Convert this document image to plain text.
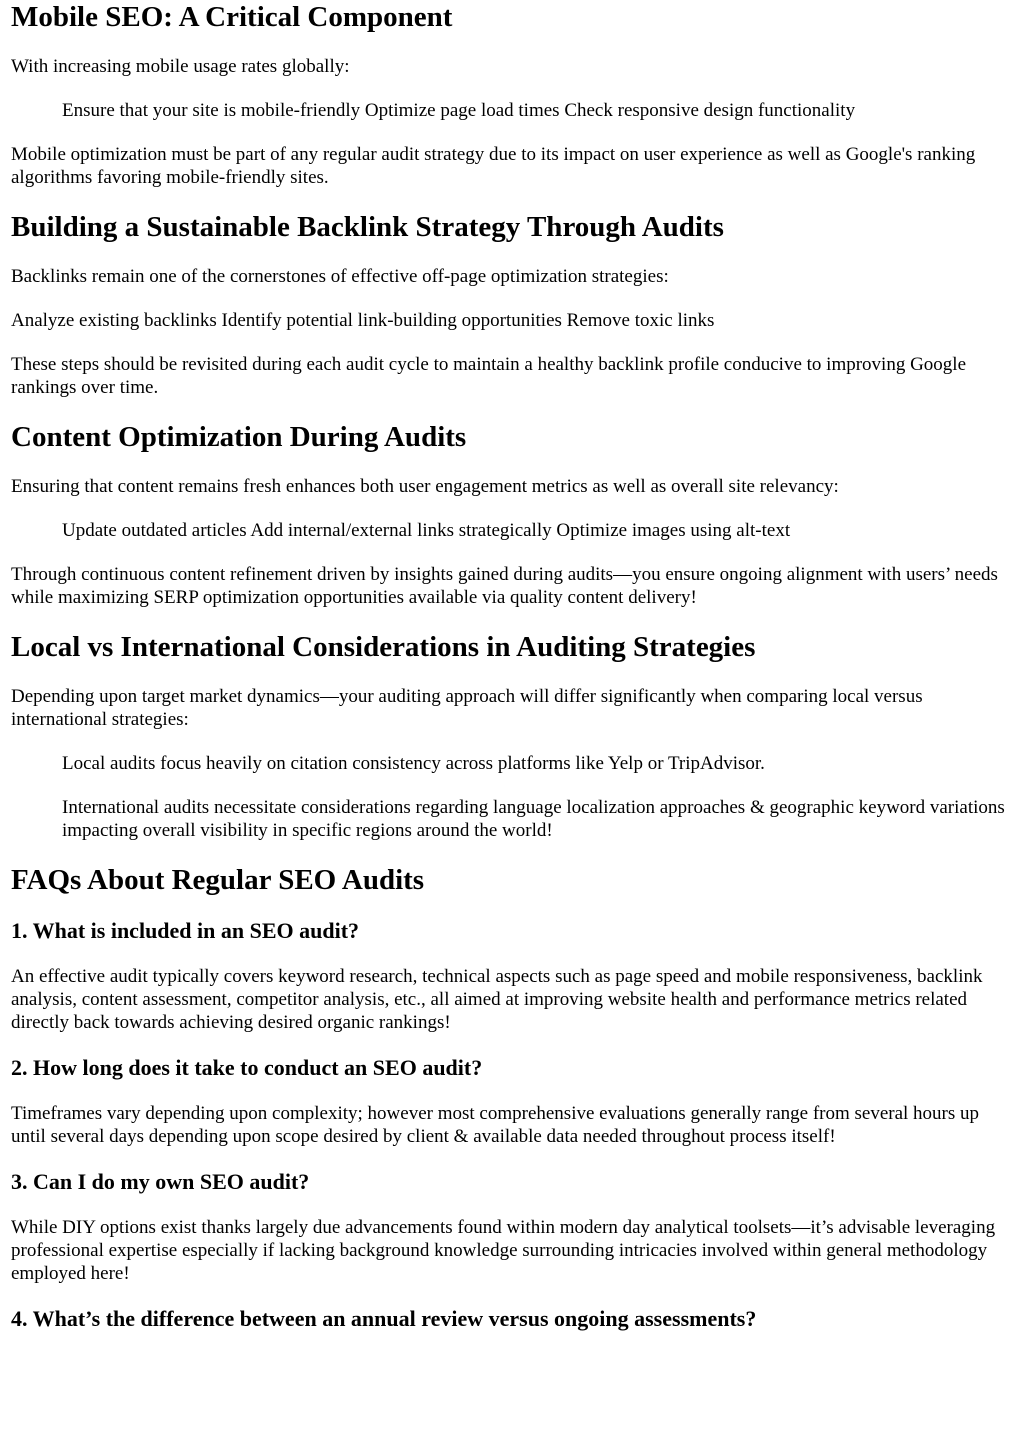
Mobile SEO: A Critical Component

With increasing mobile usage rates globally:

Ensure that your site is mobile-friendly Optimize page load times Check responsive design functionality

Mobile optimization must be part of any regular audit strategy due to its impact on user experience as well as Google's ranking algorithms favoring mobile-friendly sites.

Building a Sustainable Backlink Strategy Through Audits

Backlinks remain one of the cornerstones of effective off-page optimization strategies:

Analyze existing backlinks Identify potential link-building opportunities Remove toxic links

These steps should be revisited during each audit cycle to maintain a healthy backlink profile conducive to improving Google rankings over time.

Content Optimization During Audits

Ensuring that content remains fresh enhances both user engagement metrics as well as overall site relevancy:

Update outdated articles Add internal/external links strategically Optimize images using alt-text

Through continuous content refinement driven by insights gained during audits—you ensure ongoing alignment with users’ needs while maximizing SERP optimization opportunities available via quality content delivery!

Local vs International Considerations in Auditing Strategies

Depending upon target market dynamics—your auditing approach will differ significantly when comparing local versus international strategies:

Local audits focus heavily on citation consistency across platforms like Yelp or TripAdvisor.

International audits necessitate considerations regarding language localization approaches & geographic keyword variations impacting overall visibility in specific regions around the world!

FAQs About Regular SEO Audits
1. What is included in an SEO audit?

An effective audit typically covers keyword research, technical aspects such as page speed and mobile responsiveness, backlink analysis, content assessment, competitor analysis, etc., all aimed at improving website health and performance metrics related directly back towards achieving desired organic rankings!

2. How long does it take to conduct an SEO audit?

Timeframes vary depending upon complexity; however most comprehensive evaluations generally range from several hours up until several days depending upon scope desired by client & available data needed throughout process itself!

3. Can I do my own SEO audit?

While DIY options exist thanks largely due advancements found within modern day analytical toolsets—it’s advisable leveraging professional expertise especially if lacking background knowledge surrounding intricacies involved within general methodology employed here!

4. What’s the difference between an annual review versus ongoing assessments?
